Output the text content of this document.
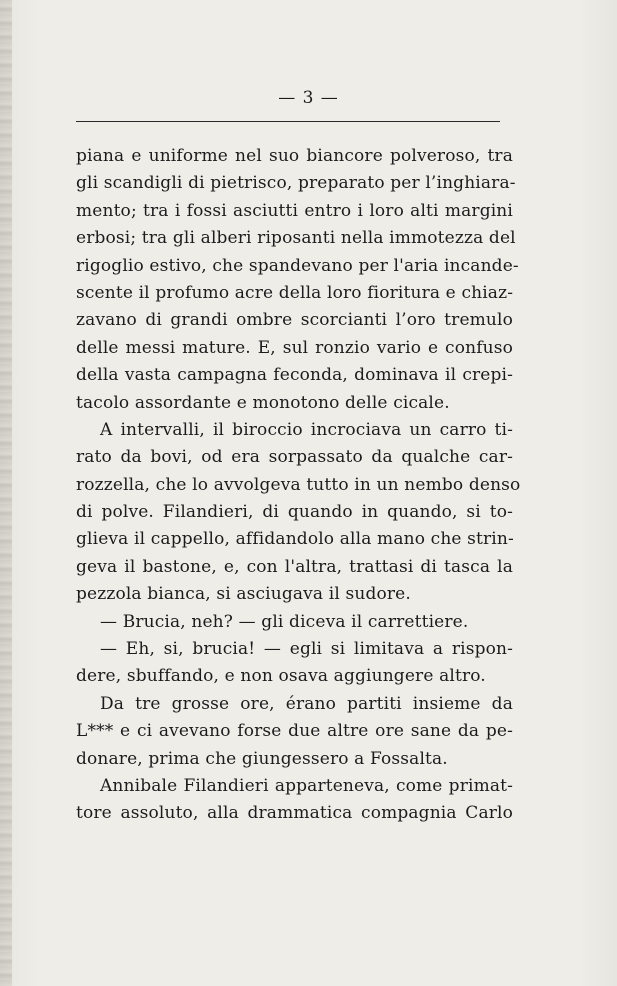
— 3 —
piana e uniforme nel suo biancore polveroso, tra
gli scandigli di pietrisco, preparato per l’inghiara-
mento; tra i fossi asciutti entro i loro alti margini
erbosi; tra gli alberi riposanti nella immotezza del
rigoglio estivo, che spandevano per l'aria incande-
scente il profumo acre della loro fioritura e chiaz-
zavano di grandi ombre scorcianti l’oro tremulo
delle messi mature. E, sul ronzio vario e confuso
della vasta campagna feconda, dominava il crepi-
tacolo assordante e monotono delle cicale.
A intervalli, il biroccio incrociava un carro ti-
rato da bovi, od era sorpassato da qualche car-
rozzella, che lo avvolgeva tutto in un nembo denso
di polve. Filandieri, di quando in quando, si to-
glieva il cappello, affidandolo alla mano che strin-
geva il bastone, e, con l'altra, trattasi di tasca la
pezzola bianca, si asciugava il sudore.
— Brucia, neh? — gli diceva il carrettiere.
— Eh, si, brucia! — egli si limitava a rispon-
dere, sbuffando, e non osava aggiungere altro.
Da tre grosse ore, érano partiti insieme da
L*** e ci avevano forse due altre ore sane da pe-
donare, prima che giungessero a Fossalta.
Annibale Filandieri apparteneva, come primat-
tore assoluto, alla drammatica compagnia Carlo
